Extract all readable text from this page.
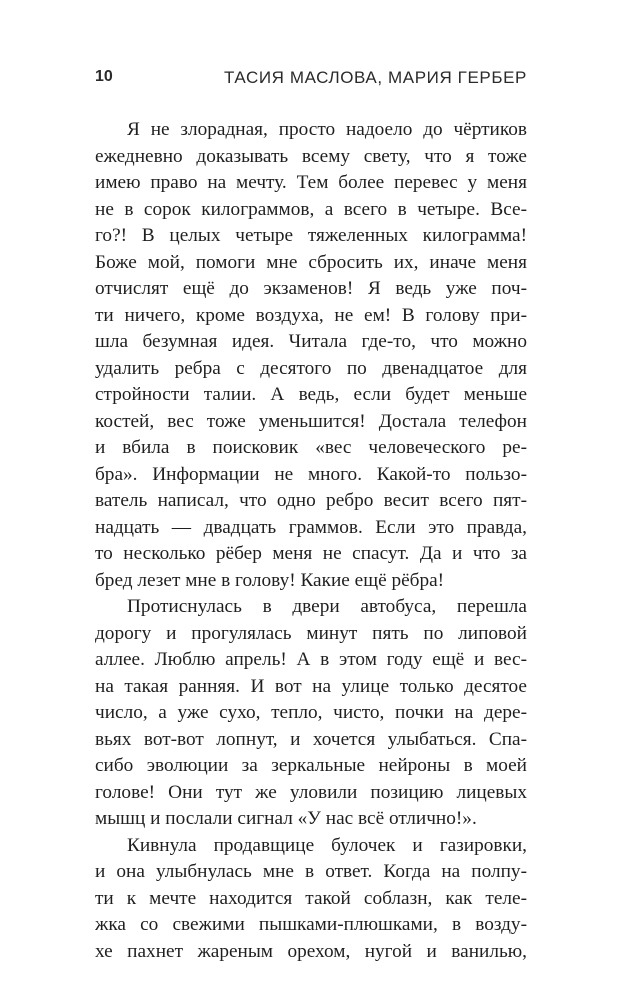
10	ТАСИЯ МАСЛОВА, МАРИЯ ГЕРБЕР
Я не злорадная, просто надоело до чёртиков
ежедневно доказывать всему свету, что я тоже
имею право на мечту. Тем более перевес у меня
не в сорок килограммов, а всего в четыре. Все-
го?! В целых четыре тяжеленных килограмма!
Боже мой, помоги мне сбросить их, иначе меня
отчислят ещё до экзаменов! Я ведь уже поч-
ти ничего, кроме воздуха, не ем! В голову при-
шла безумная идея. Читала где-то, что можно
удалить ребра с десятого по двенадцатое для
стройности талии. А ведь, если будет меньше
костей, вес тоже уменьшится! Достала телефон
и вбила в поисковик «вес человеческого ре-
бра». Информации не много. Какой-то пользо-
ватель написал, что одно ребро весит всего пят-
надцать — двадцать граммов. Если это правда,
то несколько рёбер меня не спасут. Да и что за
бред лезет мне в голову! Какие ещё рёбра!
Протиснулась в двери автобуса, перешла
дорогу и прогулялась минут пять по липовой
аллее. Люблю апрель! А в этом году ещё и вес-
на такая ранняя. И вот на улице только десятое
число, а уже сухо, тепло, чисто, почки на дере-
вьях вот-вот лопнут, и хочется улыбаться. Спа-
сибо эволюции за зеркальные нейроны в моей
голове! Они тут же уловили позицию лицевых
мышц и послали сигнал «У нас всё отлично!».
Кивнула продавщице булочек и газировки,
и она улыбнулась мне в ответ. Когда на полпу-
ти к мечте находится такой соблазн, как теле-
жка со свежими пышками-плюшками, в возду-
хе пахнет жареным орехом, нугой и ванилью,
